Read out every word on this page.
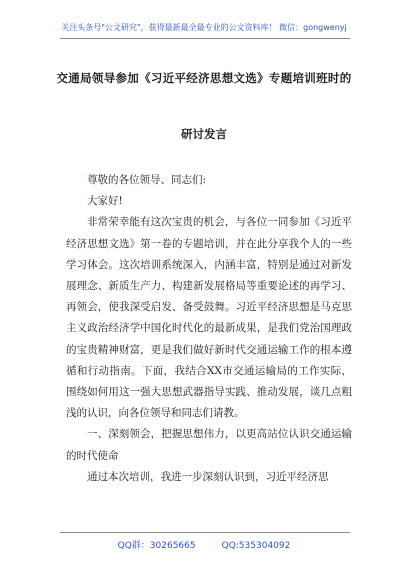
关注头条号"公文研究"，获得最新最全最专业的公文资料库！ 微信：gongwenyj
交通局领导参加《习近平经济思想文选》专题培训班时的
研讨发言

尊敬的各位领导、同志们:

大家好!

非常荣幸能有这次宝贵的机会，与各位一同参加《习近平经济思想文选》第一卷的专题培训，并在此分享我个人的一些学习体会。这次培训系统深入，内涵丰富，特别是通过对新发展理念、新质生产力、构建新发展格局等重要论述的再学习、再领会，使我深受启发、备受鼓舞。习近平经济思想是马克思主义政治经济学中国化时代化的最新成果，是我们党治国理政的宝贵精神财富，更是我们做好新时代交通运输工作的根本遵循和行动指南。下面，我结合XX市交通运输局的工作实际，围绕如何用这一强大思想武器指导实践、推动发展，谈几点粗浅的认识，向各位领导和同志们请教。

一、深刻领会，把握思想伟力，以更高站位认识交通运输的时代使命

通过本次培训，我进一步深刻认识到，习近平经济思

QQ群：30265665	QQ:535304092
